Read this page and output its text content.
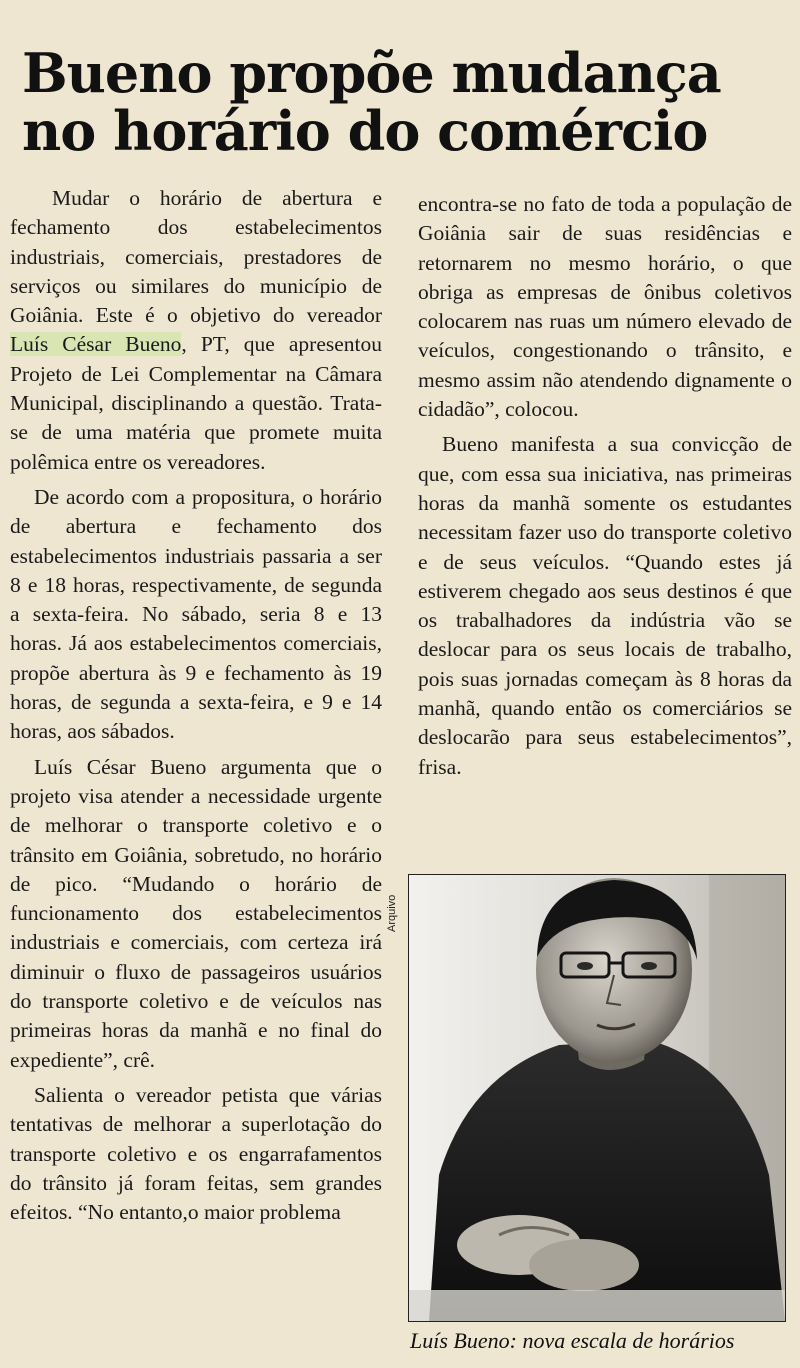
Bueno propõe mudança
no horário do comércio

Mudar o horário de abertura e fechamento dos estabelecimentos industriais, comerciais, prestadores de serviços ou similares do município de Goiânia. Este é o objetivo do vereador Luís César Bueno, PT, que apresentou Projeto de Lei Complementar na Câmara Municipal, disciplinando a questão. Trata-se de uma matéria que promete muita polêmica entre os vereadores.

De acordo com a propositura, o horário de abertura e fechamento dos estabelecimentos industriais passaria a ser 8 e 18 horas, respectivamente, de segunda a sexta-feira. No sábado, seria 8 e 13 horas. Já aos estabelecimentos comerciais, propõe abertura às 9 e fechamento às 19 horas, de segunda a sexta-feira, e 9 e 14 horas, aos sábados.

Luís César Bueno argumenta que o projeto visa atender a necessidade urgente de melhorar o transporte coletivo e o trânsito em Goiânia, sobretudo, no horário de pico. “Mudando o horário de funcionamento dos estabelecimentos industriais e comerciais, com certeza irá diminuir o fluxo de passageiros usuários do transporte coletivo e de veículos nas primeiras horas da manhã e no final do expediente”, crê.

Salienta o vereador petista que várias tentativas de melhorar a superlotação do transporte coletivo e os engarrafamentos do trânsito já foram feitas, sem grandes efeitos. “No entanto,o maior problema

encontra-se no fato de toda a população de Goiânia sair de suas residências e retornarem no mesmo horário, o que obriga as empresas de ônibus coletivos colocarem nas ruas um número elevado de veículos, congestionando o trânsito, e mesmo assim não atendendo dignamente o cidadão”, colocou.

Bueno manifesta a sua convicção de que, com essa sua iniciativa, nas primeiras horas da manhã somente os estudantes necessitam fazer uso do transporte coletivo e de seus veículos. “Quando estes já estiverem chegado aos seus destinos é que os trabalhadores da indústria vão se deslocar para os seus locais de trabalho, pois suas jornadas começam às 8 horas da manhã, quando então os comerciários se deslocarão para seus estabelecimentos”, frisa.

Arquivo
Luís Bueno: nova escala de horários
